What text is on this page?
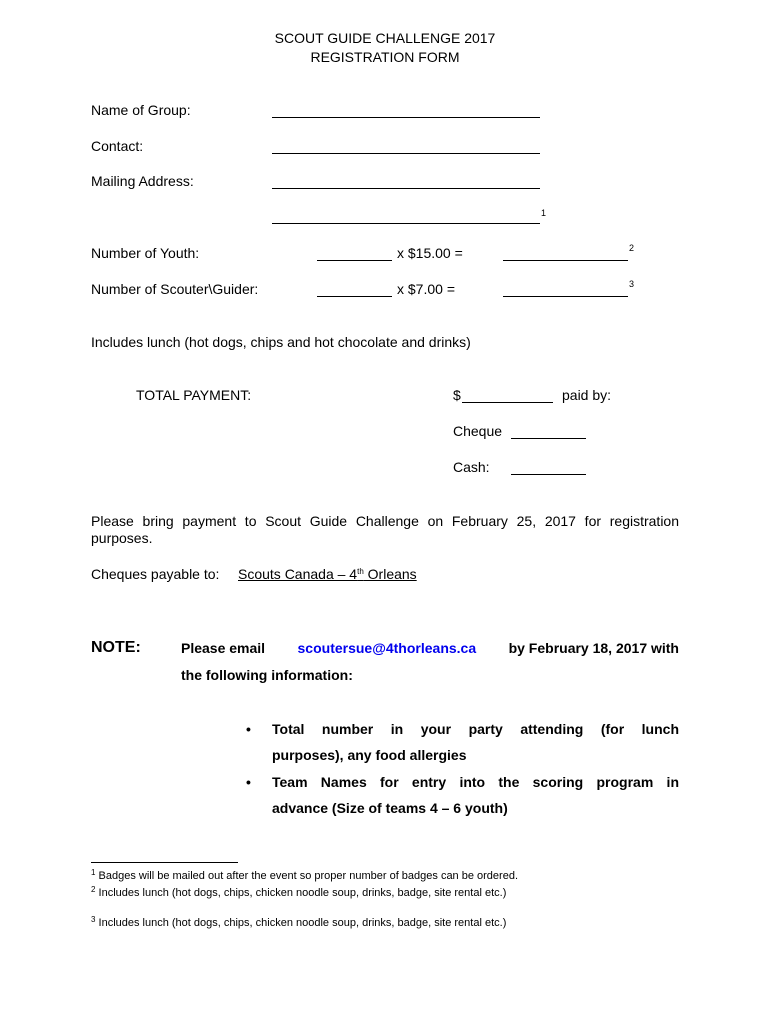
SCOUT GUIDE CHALLENGE 2017
REGISTRATION FORM
Name of Group:
Contact:
Mailing Address:
1
Number of Youth:	x $15.00 =	2
Number of Scouter\Guider:	x $7.00 =	3
Includes lunch (hot dogs, chips and hot chocolate and drinks)
TOTAL PAYMENT:	$	paid by:
Cheque
Cash:
Please bring payment to Scout Guide Challenge on February 25, 2017 for registration purposes.
Cheques payable to: Scouts Canada – 4th Orleans
NOTE:	Please email scoutersue@4thorleans.ca by February 18, 2017 with
the following information:
• Total number in your party attending (for lunch
purposes), any food allergies
• Team Names for entry into the scoring program in
advance (Size of teams 4 – 6 youth)
$^1$ Badges will be mailed out after the event so proper number of badges can be ordered.
$^2$ Includes lunch (hot dogs, chips, chicken noodle soup, drinks, badge, site rental etc.)
$^3$ Includes lunch (hot dogs, chips, chicken noodle soup, drinks, badge, site rental etc.)
